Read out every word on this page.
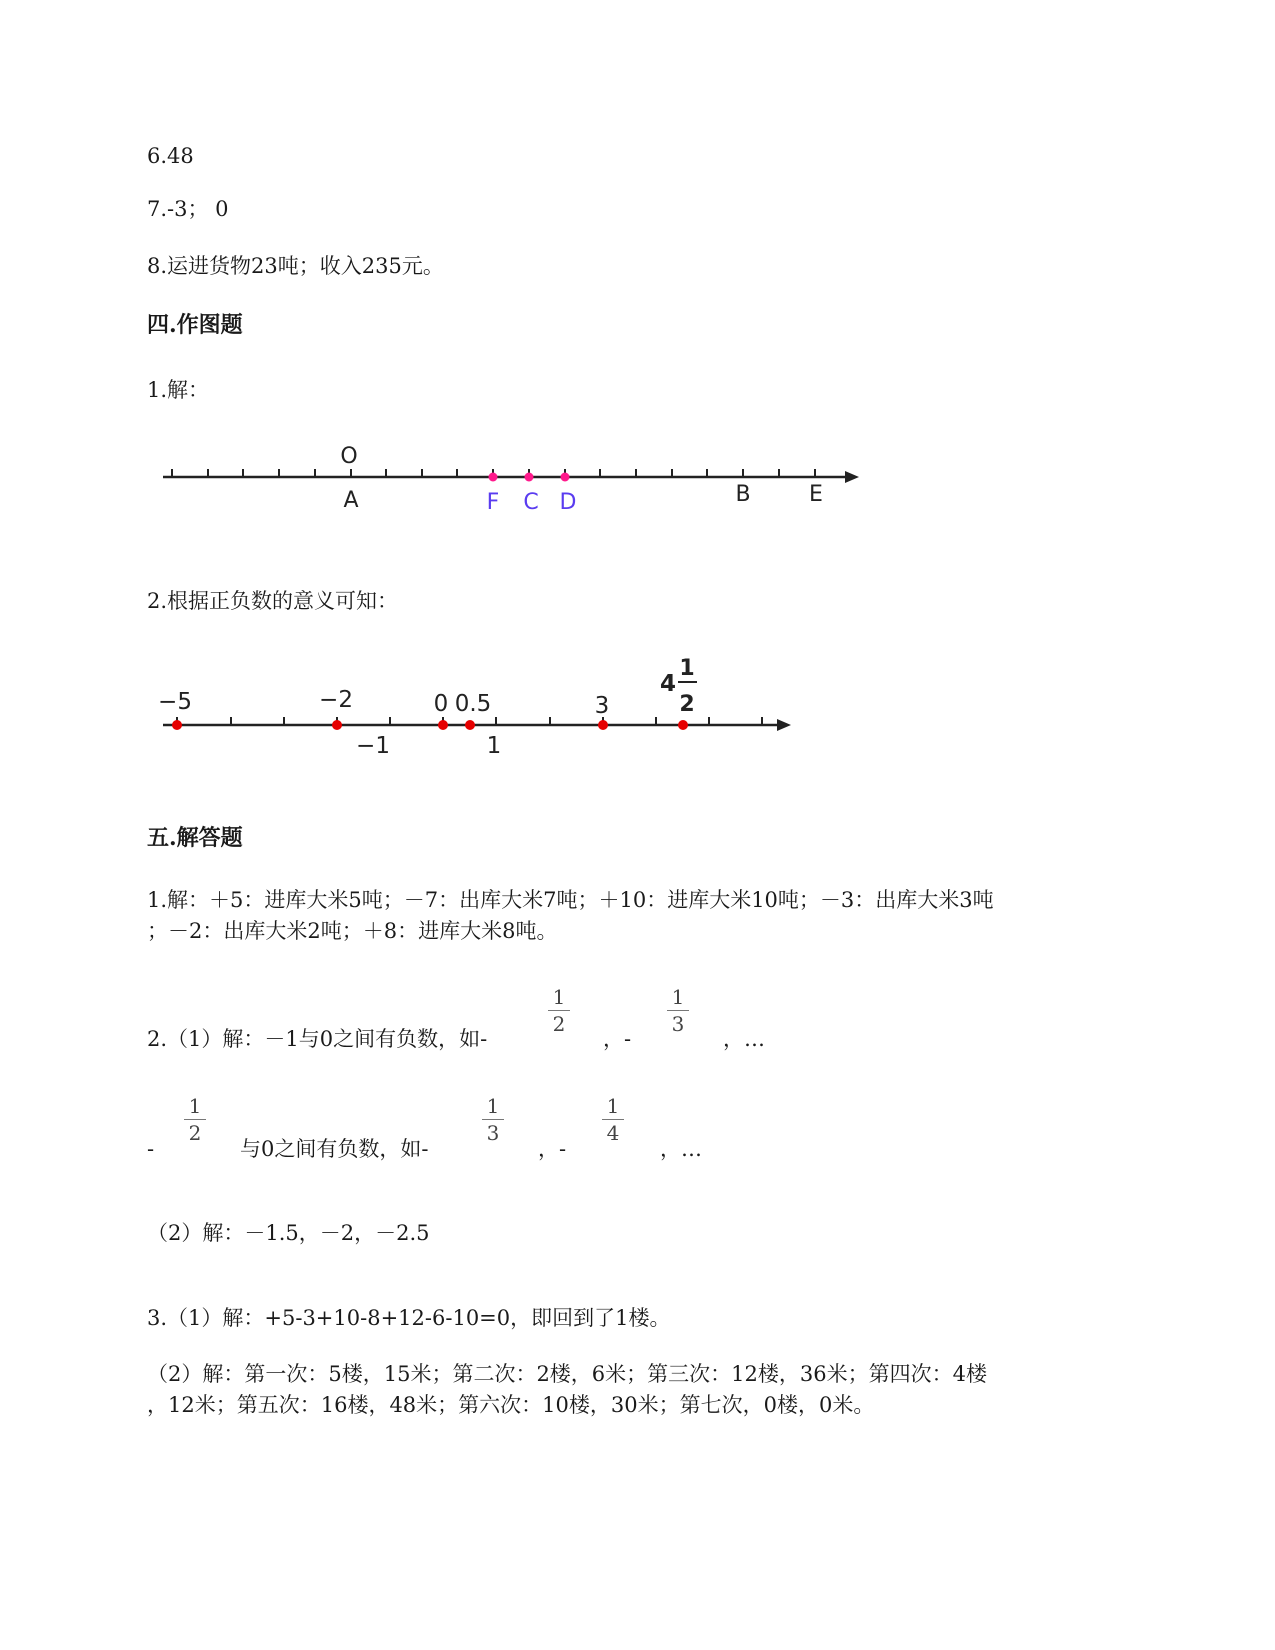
6.48
7.-3； 0
8.运进货物23吨；收入235元。
四.作图题
1.解：
O
A	F C D	B	E
2.根据正负数的意义可知：
−5	−2	0 0.5	3
4
1
2
−1	1
五.解答题
1.解：＋5：进库大米5吨；－7：出库大米7吨；＋10：进库大米10吨；－3：出库大米3吨
；－2：出库大米2吨；＋8：进库大米8吨。
2.（1）解：－1与0之间有负数，如-
1
2
，-
1
3
，…
-
1
2
与0之间有负数，如-
1
3
，-
1
4
，…
（2）解：－1.5，－2，－2.5
3.（1）解：+5-3+10-8+12-6-10=0，即回到了1楼。
（2）解：第一次：5楼，15米；第二次：2楼，6米；第三次：12楼，36米；第四次：4楼
，12米；第五次：16楼，48米；第六次：10楼，30米；第七次，0楼，0米。
